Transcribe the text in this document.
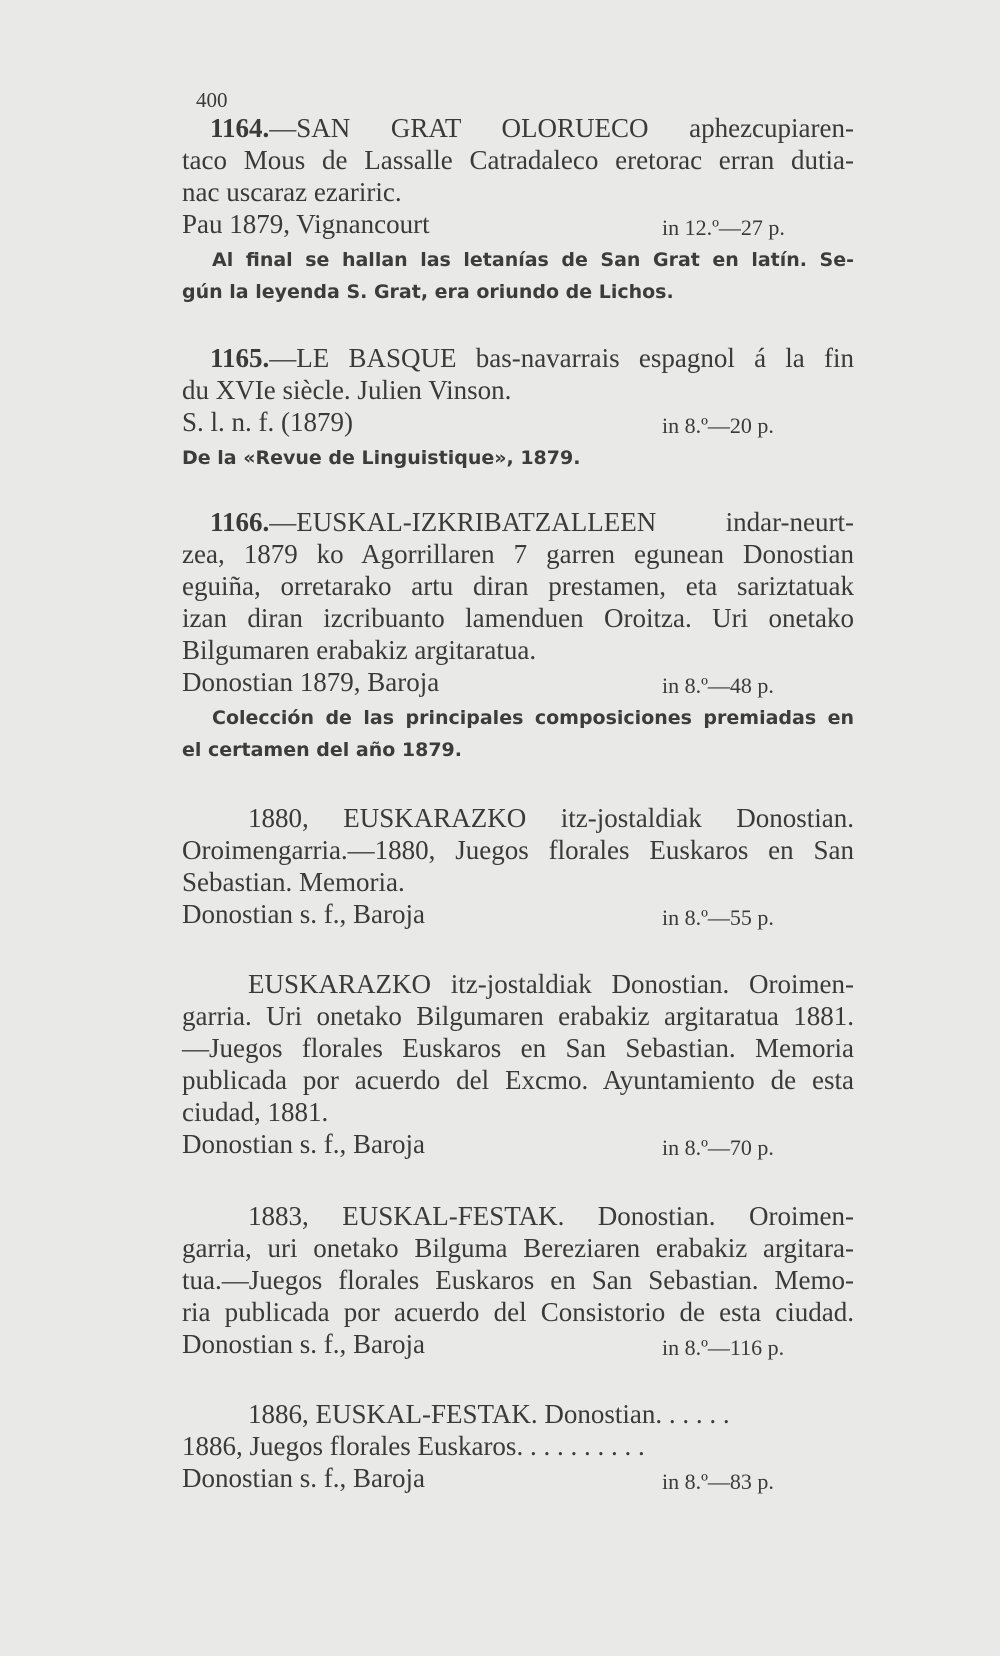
400
1164.—SAN GRAT OLORUECO aphezcupiaren-
taco Mous de Lassalle Catradaleco eretorac erran dutia-
nac uscaraz ezariric.
Pau 1879, Vignancourt	in 12.º—27 p.
Al final se hallan las letanías de San Grat en latín. Se-
gún la leyenda S. Grat, era oriundo de Lichos.
1165.—LE BASQUE bas-navarrais espagnol á la fin
du XVIe siècle. Julien Vinson.
S. l. n. f. (1879)	in 8.º—20 p.
De la «Revue de Linguistique», 1879.
1166.—EUSKAL-IZKRIBATZALLEEN indar-neurt-
zea, 1879 ko Agorrillaren 7 garren egunean Donostian
eguiña, orretarako artu diran prestamen, eta sariztatuak
izan diran izcribuanto lamenduen Oroitza. Uri onetako
Bilgumaren erabakiz argitaratua.
Donostian 1879, Baroja	in 8.º—48 p.
Colección de las principales composiciones premiadas en
el certamen del año 1879.
1880, EUSKARAZKO itz-jostaldiak Donostian.
Oroimengarria.—1880, Juegos florales Euskaros en San
Sebastian. Memoria.
Donostian s. f., Baroja	in 8.º—55 p.
EUSKARAZKO itz-jostaldiak Donostian. Oroimen-
garria. Uri onetako Bilgumaren erabakiz argitaratua 1881.
—Juegos florales Euskaros en San Sebastian. Memoria
publicada por acuerdo del Excmo. Ayuntamiento de esta
ciudad, 1881.
Donostian s. f., Baroja	in 8.º—70 p.
1883, EUSKAL-FESTAK. Donostian. Oroimen-
garria, uri onetako Bilguma Bereziaren erabakiz argitara-
tua.—Juegos florales Euskaros en San Sebastian. Memo-
ria publicada por acuerdo del Consistorio de esta ciudad.
Donostian s. f., Baroja	in 8.º—116 p.
1886, EUSKAL-FESTAK. Donostian. . . . . .
1886, Juegos florales Euskaros. . . . . . . . . .
Donostian s. f., Baroja	in 8.º—83 p.
